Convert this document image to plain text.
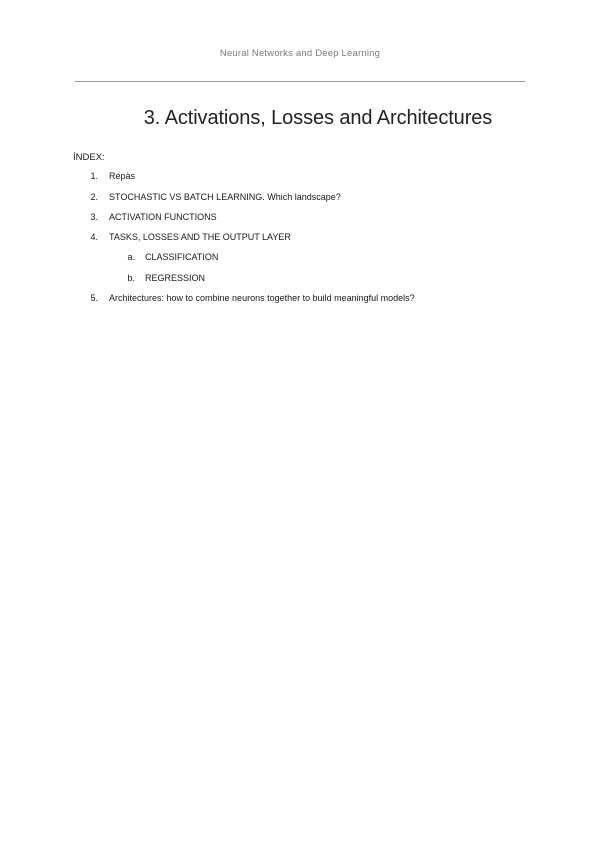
Neural Networks and Deep Learning
3. Activations, Losses and Architectures
ÍNDEX:
1. Repàs
2. STOCHASTIC VS BATCH LEARNING. Which landscape?
3. ACTIVATION FUNCTIONS
4. TASKS, LOSSES AND THE OUTPUT LAYER
a. CLASSIFICATION
b. REGRESSION
5. Architectures: how to combine neurons together to build meaningful models?
